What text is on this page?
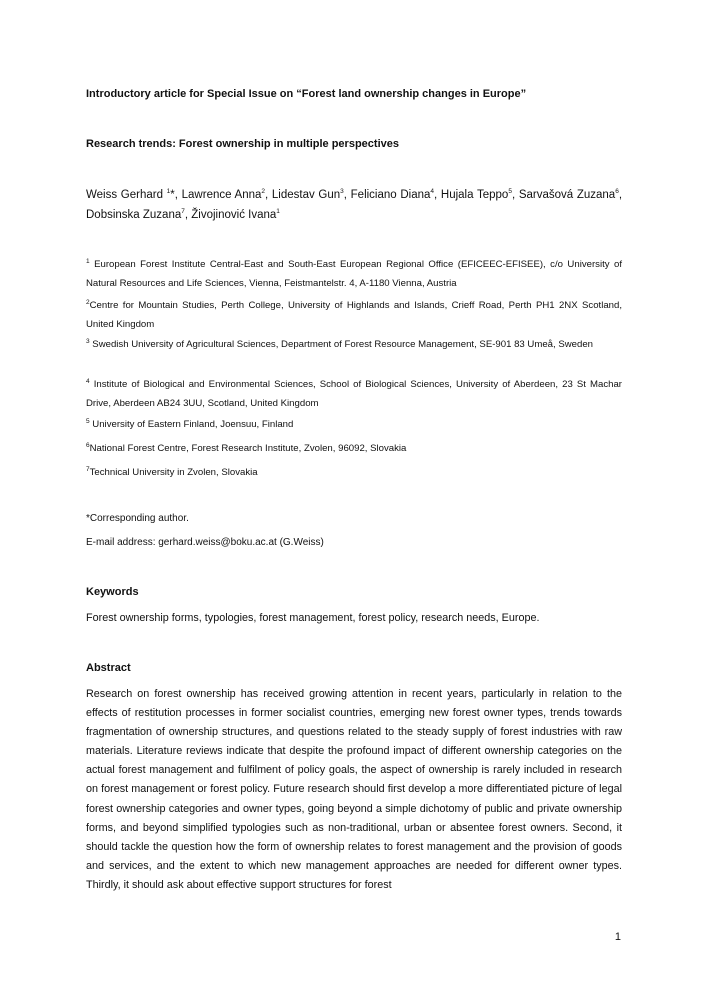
Introductory article for Special Issue on “Forest land ownership changes in Europe”
Research trends: Forest ownership in multiple perspectives
Weiss Gerhard $^1$*, Lawrence Anna$^2$, Lidestav Gun$^3$, Feliciano Diana$^4$, Hujala Teppo$^5$, Sarvašová Zuzana$^6$, Dobsinska Zuzana$^7$, Živojinović Ivana$^1$
$^1$ European Forest Institute Central-East and South-East European Regional Office (EFICEEC-EFISEE), c/o University of Natural Resources and Life Sciences, Vienna, Feistmantelstr. 4, A-1180 Vienna, Austria
$^2$Centre for Mountain Studies, Perth College, University of Highlands and Islands, Crieff Road, Perth PH1 2NX Scotland, United Kingdom
$^3$ Swedish University of Agricultural Sciences, Department of Forest Resource Management, SE-901 83 Umeå, Sweden
$^4$ Institute of Biological and Environmental Sciences, School of Biological Sciences, University of Aberdeen, 23 St Machar Drive, Aberdeen AB24 3UU, Scotland, United Kingdom
$^5$ University of Eastern Finland, Joensuu, Finland
$^6$National Forest Centre, Forest Research Institute, Zvolen, 96092, Slovakia
$^7$Technical University in Zvolen, Slovakia
*Corresponding author.
E-mail address: gerhard.weiss@boku.ac.at (G.Weiss)
Keywords
Forest ownership forms, typologies, forest management, forest policy, research needs, Europe.
Abstract
Research on forest ownership has received growing attention in recent years, particularly in relation to the effects of restitution processes in former socialist countries, emerging new forest owner types, trends towards fragmentation of ownership structures, and questions related to the steady supply of forest industries with raw materials. Literature reviews indicate that despite the profound impact of different ownership categories on the actual forest management and fulfilment of policy goals, the aspect of ownership is rarely included in research on forest management or forest policy. Future research should first develop a more differentiated picture of legal forest ownership categories and owner types, going beyond a simple dichotomy of public and private ownership forms, and beyond simplified typologies such as non-traditional, urban or absentee forest owners. Second, it should tackle the question how the form of ownership relates to forest management and the provision of goods and services, and the extent to which new management approaches are needed for different owner types. Thirdly, it should ask about effective support structures for forest
1
